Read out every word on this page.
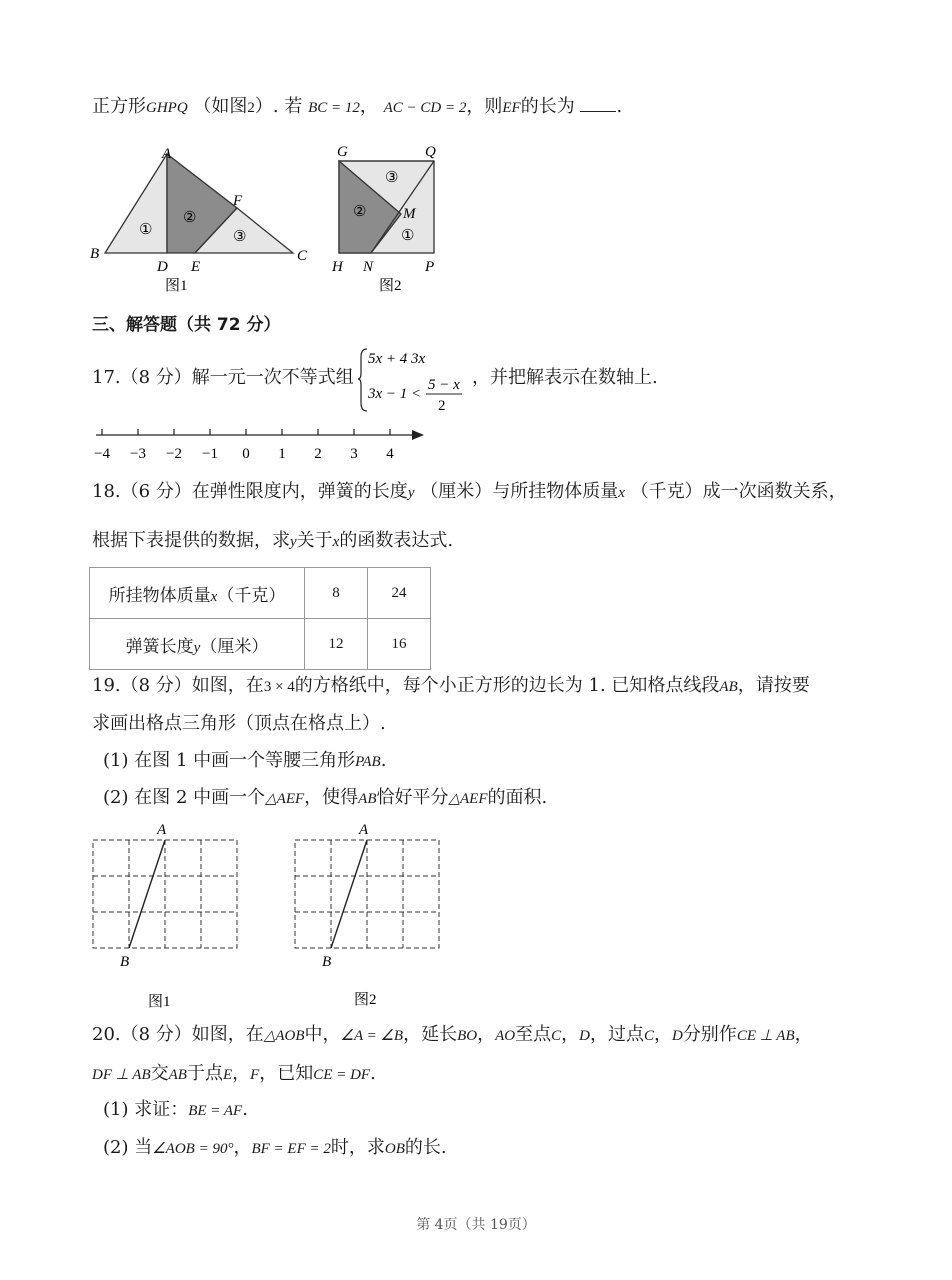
正方形GHPQ （如图2）. 若 BC = 12， AC − CD = 2，则EF的长为 .
A
B	C
D E
F
①
②
③
图1
G	Q
M
H N	P
①
②
③
图2
三、解答题（共 72 分）
17.（8 分）解一元一次不等式组
5x + 4 3x
3x − 1 <
5 − x
2
，并把解表示在数轴上.
−4 −3 −2 −1 0 1 2 3 4
18.（6 分）在弹性限度内，弹簧的长度y （厘米）与所挂物体质量x （千克）成一次函数关系，
根据下表提供的数据，求y关于x的函数表达式.
所挂物体质量x（千克）	8	24
弹簧长度y（厘米）	12	16
19.（8 分）如图，在3 × 4的方格纸中，每个小正方形的边长为 1. 已知格点线段AB，请按要
求画出格点三角形（顶点在格点上）.
(1) 在图 1 中画一个等腰三角形PAB.
(2) 在图 2 中画一个△AEF，使得AB恰好平分△AEF的面积.
A
B
图1
A
B
图2
20.（8 分）如图，在△AOB中，∠A = ∠B，延长BO，AO至点C，D，过点C，D分别作CE ⊥ AB，
DF ⊥ AB交AB于点E，F，已知CE = DF.
(1) 求证：BE = AF.
(2) 当∠AOB = 90°，BF = EF = 2时，求OB的长.
第 4页（共 19页）
